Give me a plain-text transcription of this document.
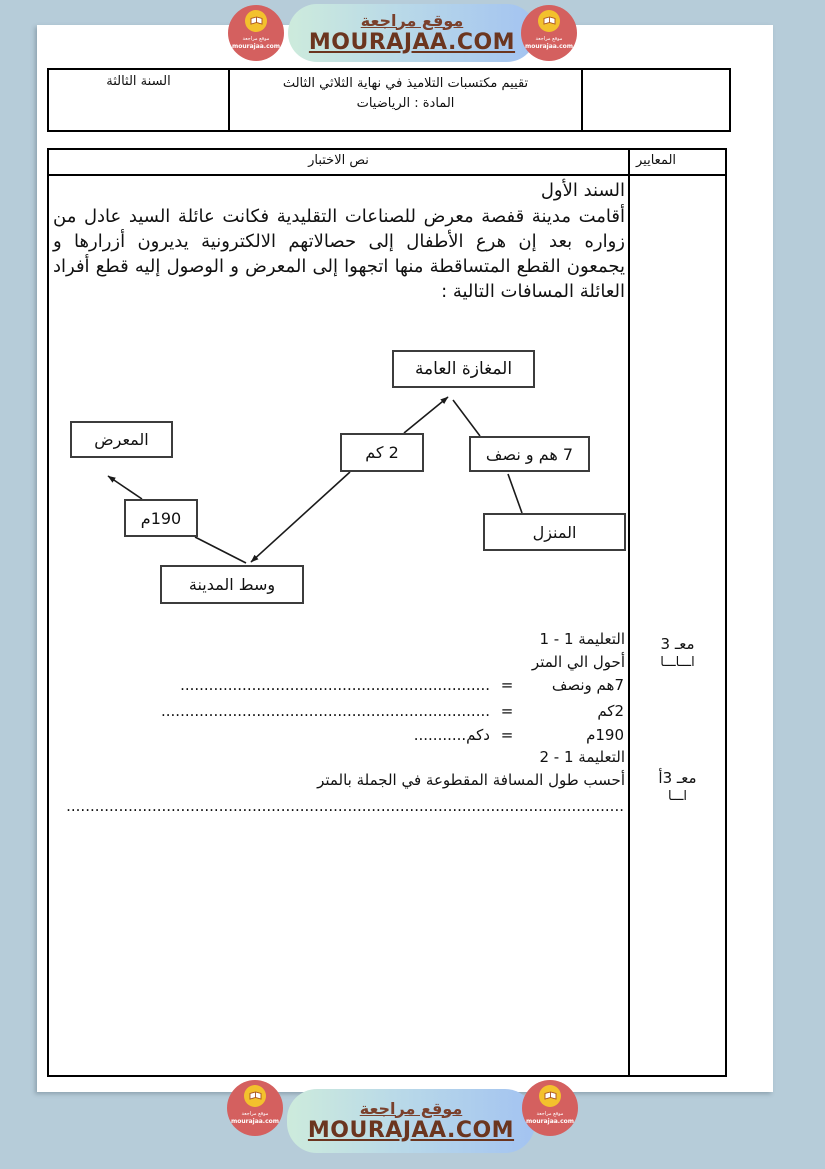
موقع مراجعة
mourajaa.com
موقع مراجعة
mourajaa.com
موقع مراجعة
MOURAJAA.COM
تقييم مكتسبات التلاميذ في نهاية الثلاثي الثالث
المادة : الرياضيات
السنة الثالثة
المعايير
نص الاختبار
معـ 3
اـــاـــا
معـ 3أ
اـــا
السند الأول
أقامت مدينة قفصة معرض للصناعات التقليدية فكانت عائلة السيد عادل من
زواره بعد إن هرع الأطفال إلى حصالاتهم الالكترونية يديرون أزرارها و
يجمعون القطع المتساقطة منها اتجهوا إلى المعرض و الوصول إليه قطع أفراد
العائلة المسافات التالية :
المغازة العامة
المعرض
2 كم	7 هم و نصف
190م
المنزل
وسط المدينة
التعليمة 1 - 1
أحول الي المتر
7هم ونصف
=
.................................................................
2كم
=
.....................................................................
190م
=
دكم...........
التعليمة 1 - 2
أحسب طول المسافة المقطوعة في الجملة بالمتر
.....................................................................................................................
موقع مراجعة
mourajaa.com
موقع مراجعة
mourajaa.com
موقع مراجعة
MOURAJAA.COM
